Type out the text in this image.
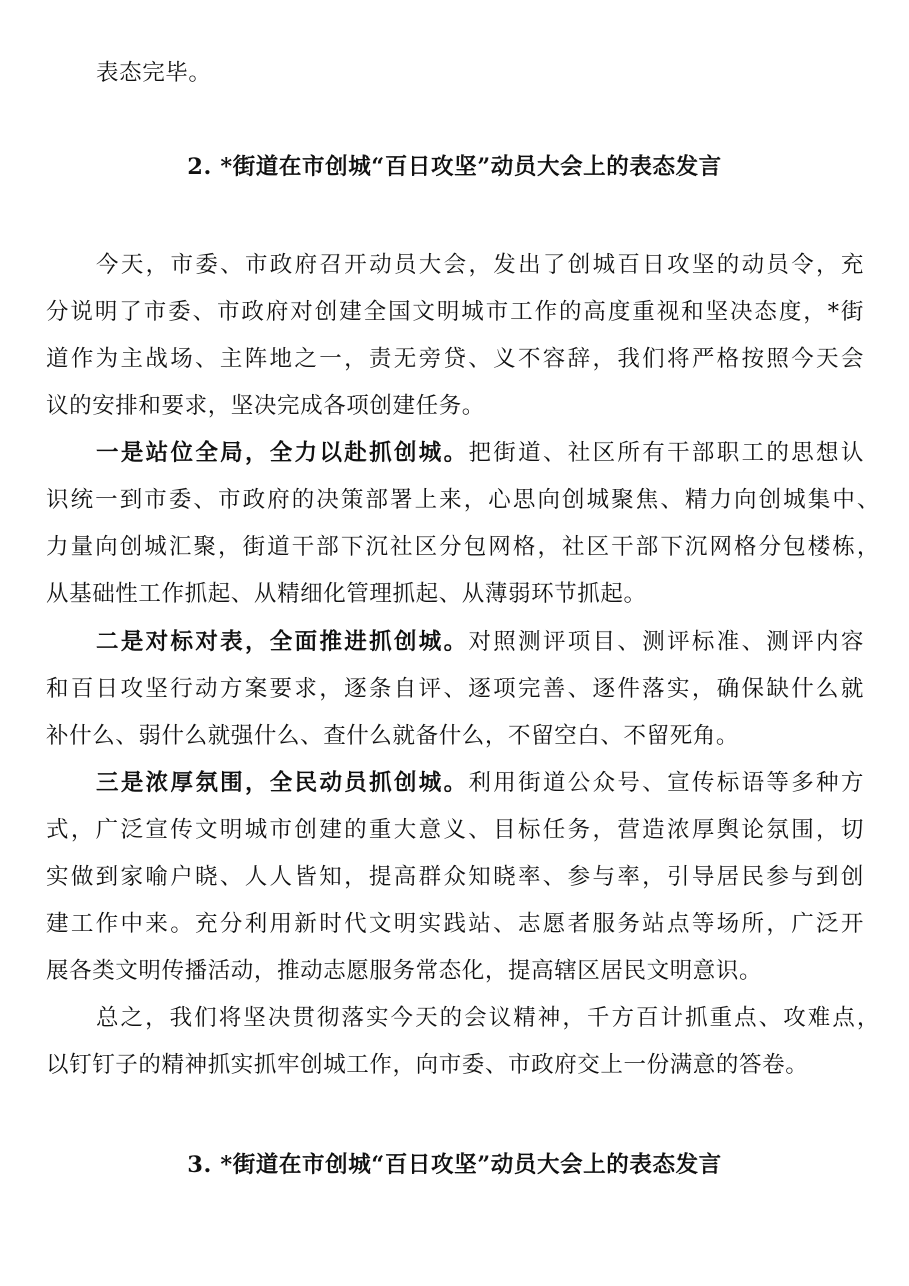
表态完毕。
2. *街道在市创城“百日攻坚”动员大会上的表态发言
今天，市委、市政府召开动员大会，发出了创城百日攻坚的动员令，充
分说明了市委、市政府对创建全国文明城市工作的高度重视和坚决态度，*街
道作为主战场、主阵地之一，责无旁贷、义不容辞，我们将严格按照今天会
议的安排和要求，坚决完成各项创建任务。
一是站位全局，全力以赴抓创城。把街道、社区所有干部职工的思想认
识统一到市委、市政府的决策部署上来，心思向创城聚焦、精力向创城集中、
力量向创城汇聚，街道干部下沉社区分包网格，社区干部下沉网格分包楼栋，
从基础性工作抓起、从精细化管理抓起、从薄弱环节抓起。
二是对标对表，全面推进抓创城。对照测评项目、测评标准、测评内容
和百日攻坚行动方案要求，逐条自评、逐项完善、逐件落实，确保缺什么就
补什么、弱什么就强什么、查什么就备什么，不留空白、不留死角。
三是浓厚氛围，全民动员抓创城。利用街道公众号、宣传标语等多种方
式，广泛宣传文明城市创建的重大意义、目标任务，营造浓厚舆论氛围，切
实做到家喻户晓、人人皆知，提高群众知晓率、参与率，引导居民参与到创
建工作中来。充分利用新时代文明实践站、志愿者服务站点等场所，广泛开
展各类文明传播活动，推动志愿服务常态化，提高辖区居民文明意识。
总之，我们将坚决贯彻落实今天的会议精神，千方百计抓重点、攻难点，
以钉钉子的精神抓实抓牢创城工作，向市委、市政府交上一份满意的答卷。
3. *街道在市创城“百日攻坚”动员大会上的表态发言
